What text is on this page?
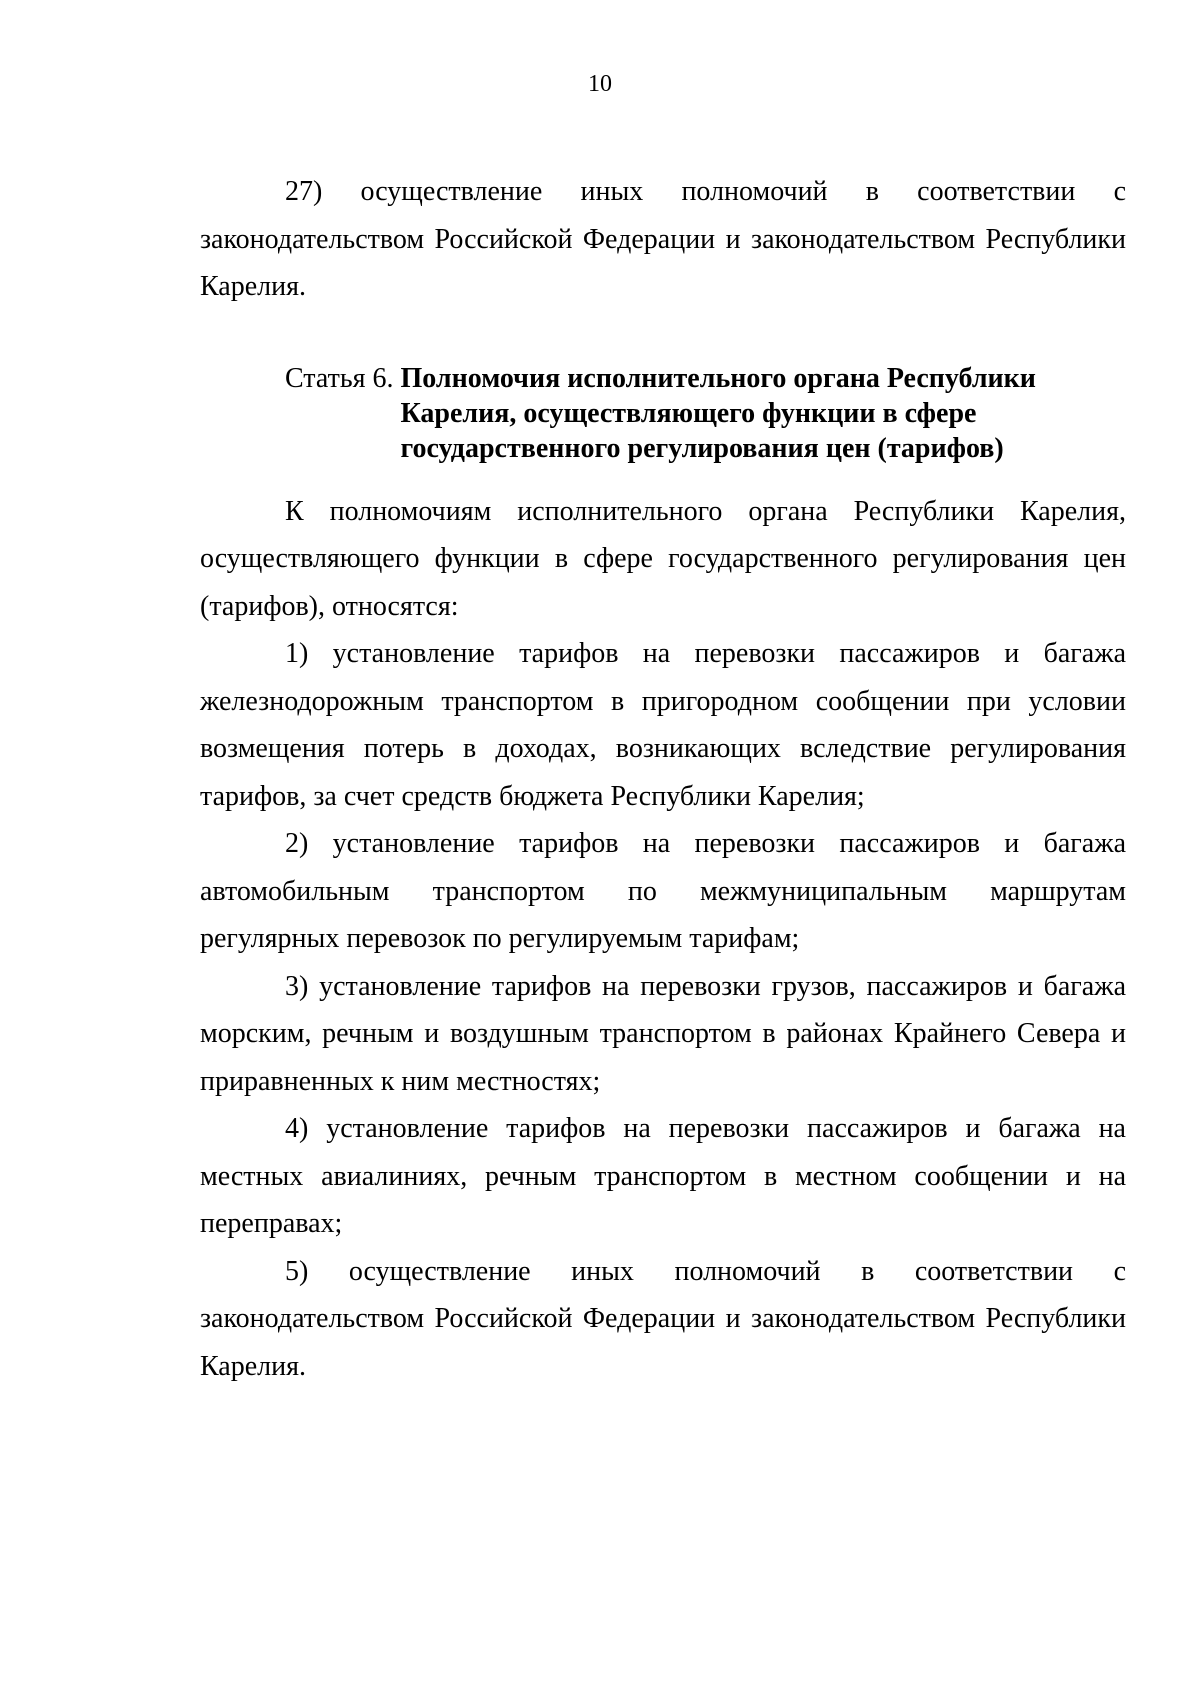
10

27) осуществление иных полномочий в соответствии с законодательством Российской Федерации и законодательством Республики Карелия.

Статья 6. Полномочия исполнительного органа Республики
Карелия, осуществляющего функции в сфере
государственного регулирования цен (тарифов)

К полномочиям исполнительного органа Республики Карелия, осуществляющего функции в сфере государственного регулирования цен (тарифов), относятся:

1) установление тарифов на перевозки пассажиров и багажа железнодорожным транспортом в пригородном сообщении при условии возмещения потерь в доходах, возникающих вследствие регулирования тарифов, за счет средств бюджета Республики Карелия;

2) установление тарифов на перевозки пассажиров и багажа автомобильным транспортом по межмуниципальным маршрутам регулярных перевозок по регулируемым тарифам;

3) установление тарифов на перевозки грузов, пассажиров и багажа морским, речным и воздушным транспортом в районах Крайнего Севера и приравненных к ним местностях;

4) установление тарифов на перевозки пассажиров и багажа на местных авиалиниях, речным транспортом в местном сообщении и на переправах;

5) осуществление иных полномочий в соответствии с законодательством Российской Федерации и законодательством Республики Карелия.
